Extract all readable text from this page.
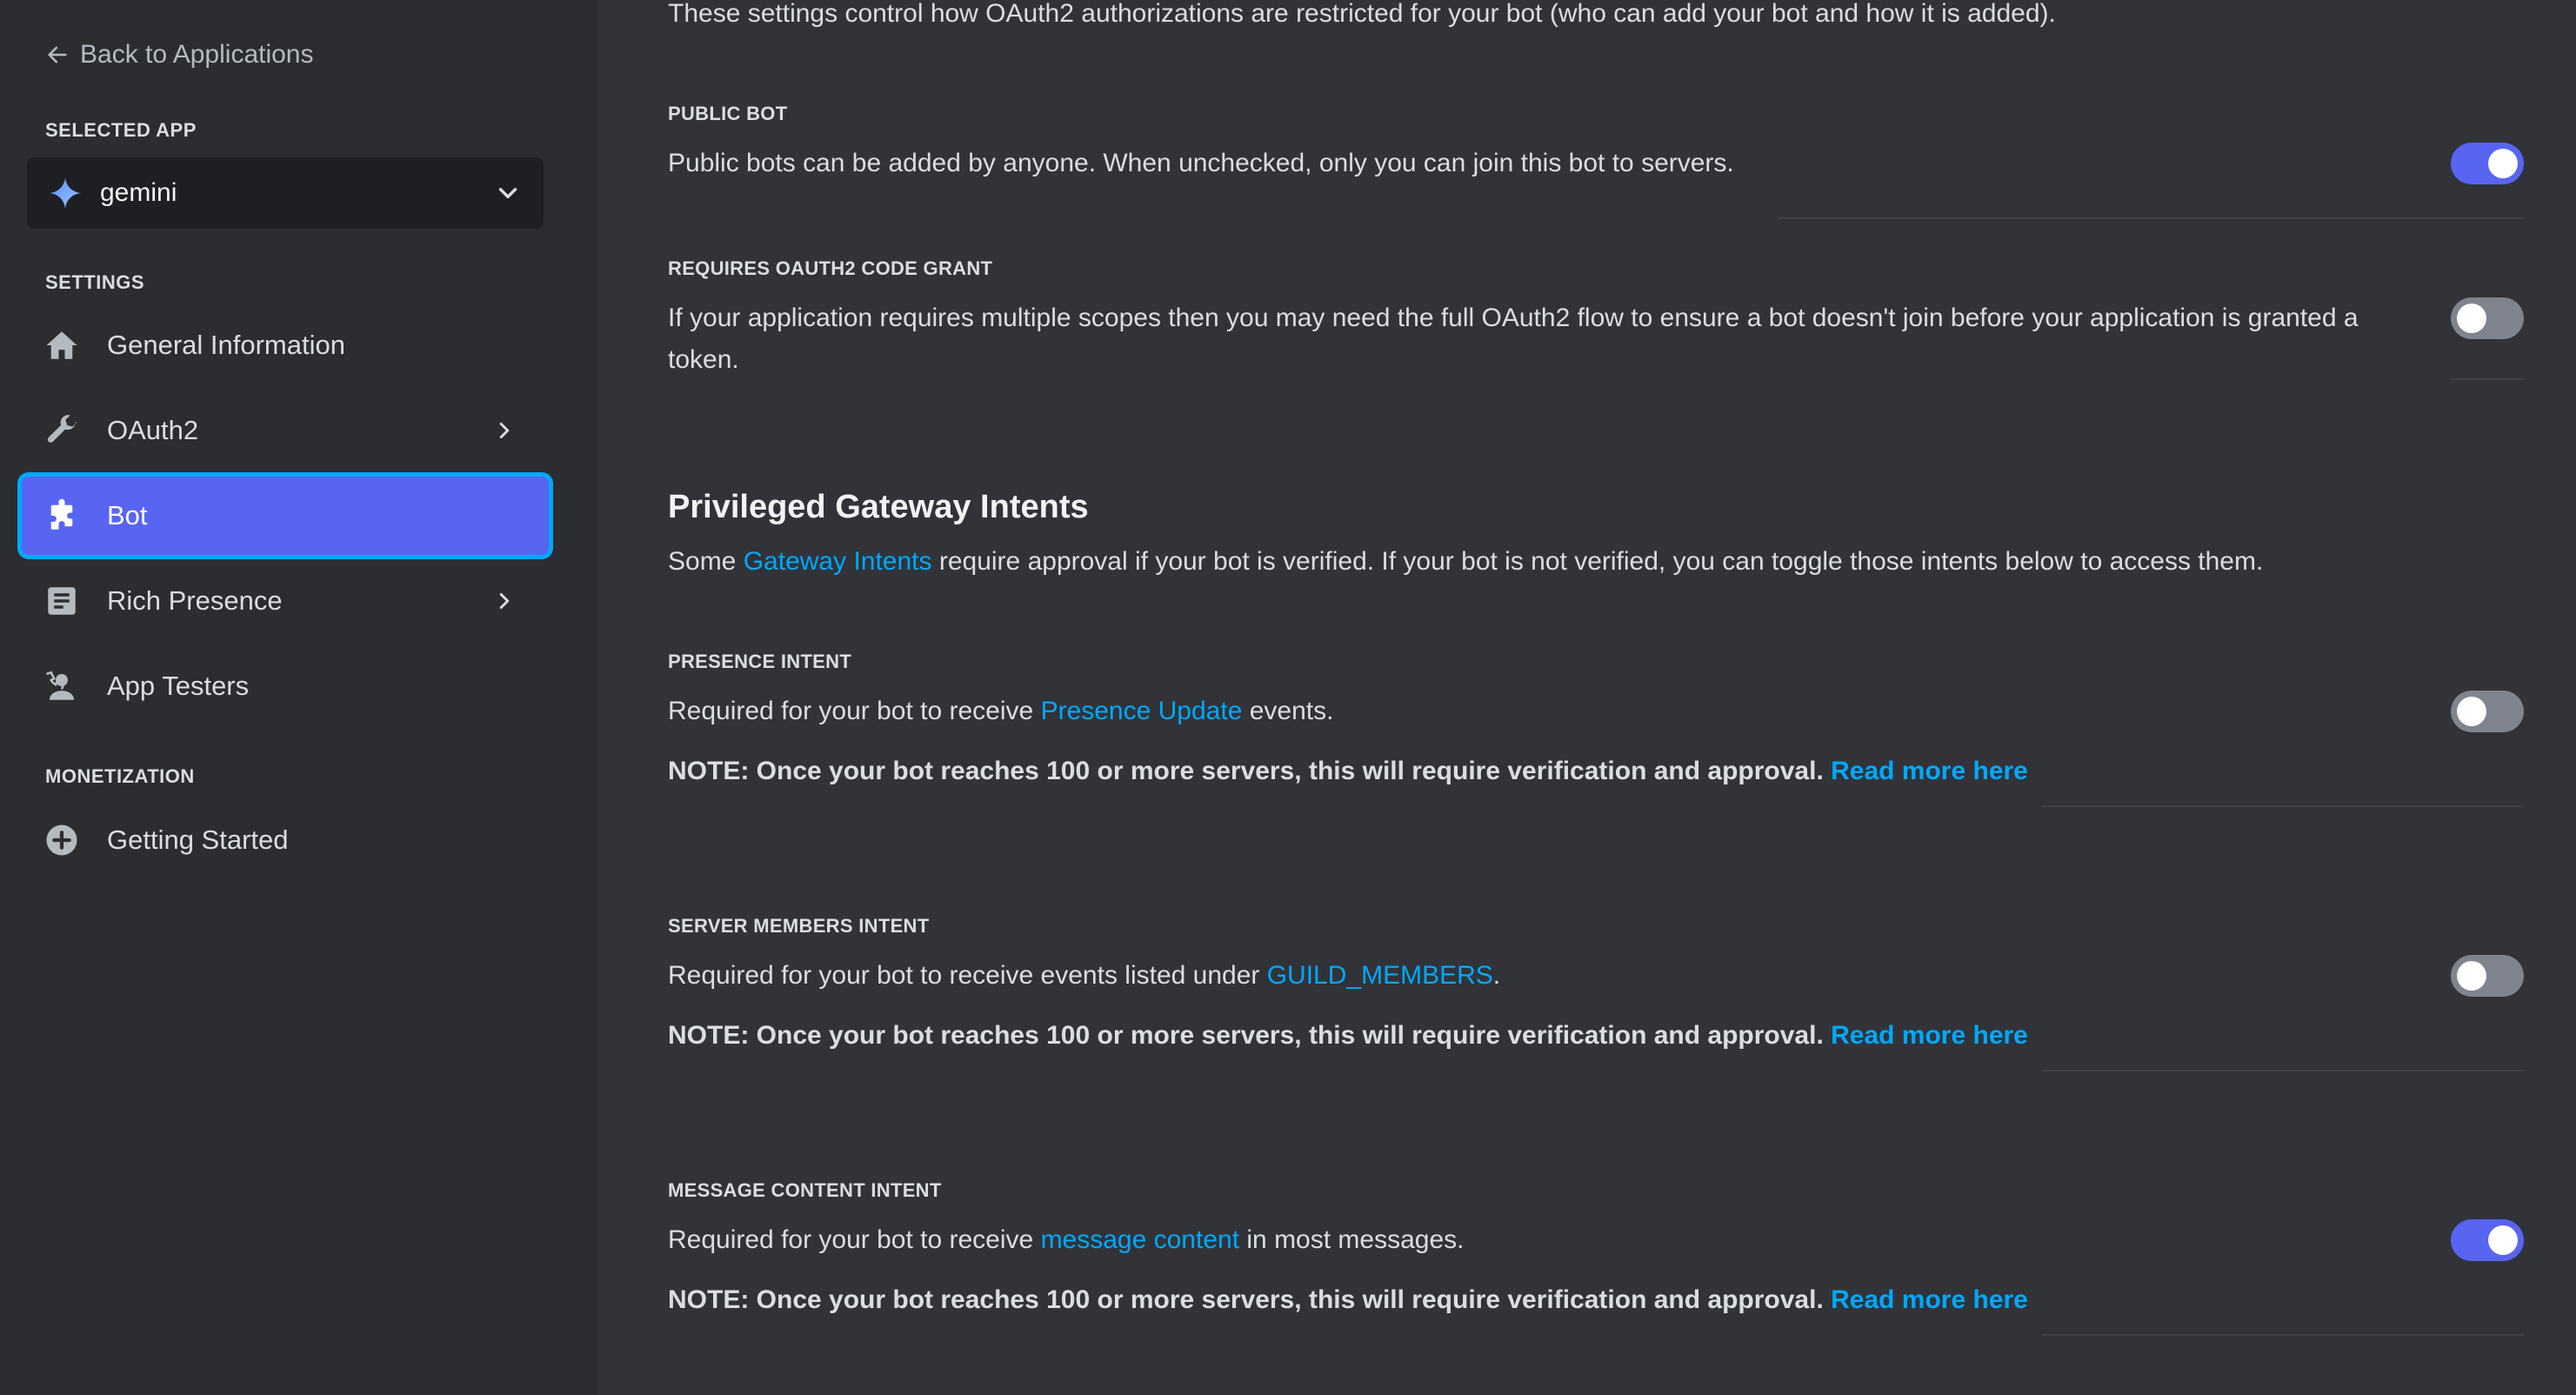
Back to Applications
SELECTED APP
gemini
SETTINGS
General Information
OAuth2
Bot
Rich Presence
App Testers
MONETIZATION
Getting Started
These settings control how OAuth2 authorizations are restricted for your bot (who can add your bot and how it is added).
PUBLIC BOT
Public bots can be added by anyone. When unchecked, only you can join this bot to servers.
REQUIRES OAUTH2 CODE GRANT
If your application requires multiple scopes then you may need the full OAuth2 flow to ensure a bot doesn't join before your application is granted a
token.
Privileged Gateway Intents
Some Gateway Intents require approval if your bot is verified. If your bot is not verified, you can toggle those intents below to access them.
PRESENCE INTENT
Required for your bot to receive Presence Update events.
NOTE: Once your bot reaches 100 or more servers, this will require verification and approval. Read more here
SERVER MEMBERS INTENT
Required for your bot to receive events listed under GUILD_MEMBERS.
NOTE: Once your bot reaches 100 or more servers, this will require verification and approval. Read more here
MESSAGE CONTENT INTENT
Required for your bot to receive message content in most messages.
NOTE: Once your bot reaches 100 or more servers, this will require verification and approval. Read more here
